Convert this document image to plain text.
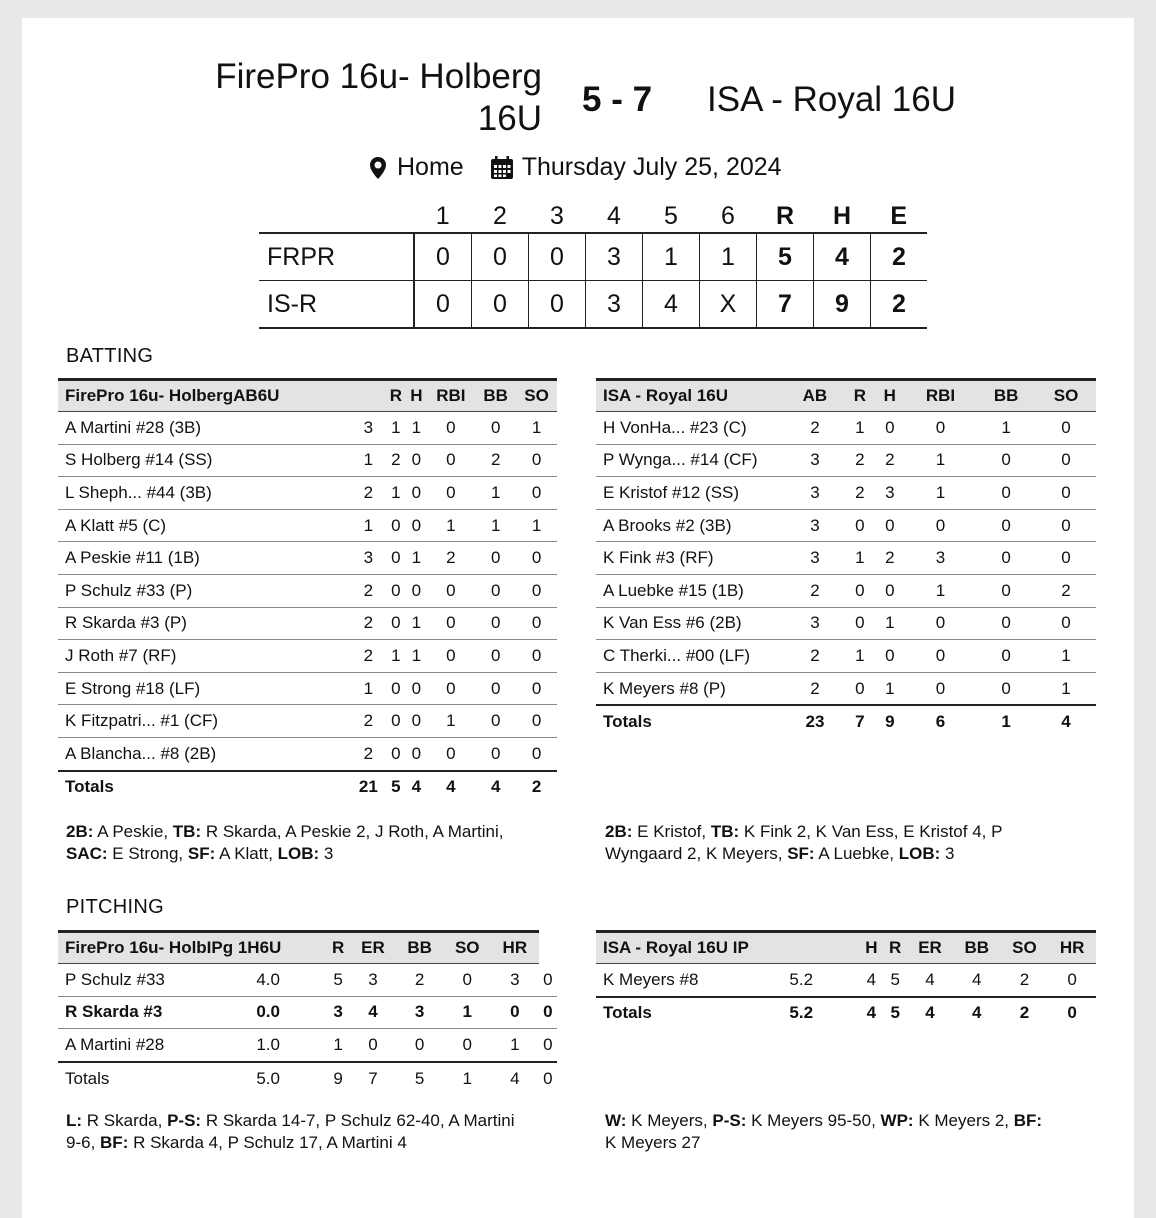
FirePro 16u- Holberg 16U 5 - 7 ISA - Royal 16U
Home Thursday July 25, 2024
	1	2	3	4	5	6	R	H	E
FRPR	0	0	0	3	1	1	5	4	2
IS-R	0	0	0	3	4	X	7	9	2
BATTING
FirePro 16u- HolbergAB6U		R	H	RBI	BB	SO
A Martini #28 (3B)	3	1	1	0	0	1
S Holberg #14 (SS)	1	2	0	0	2	0
L Sheph... #44 (3B)	2	1	0	0	1	0
A Klatt #5 (C)	1	0	0	1	1	1
A Peskie #11 (1B)	3	0	1	2	0	0
P Schulz #33 (P)	2	0	0	0	0	0
R Skarda #3 (P)	2	0	1	0	0	0
J Roth #7 (RF)	2	1	1	0	0	0
E Strong #18 (LF)	1	0	0	0	0	0
K Fitzpatri... #1 (CF)	2	0	0	1	0	0
A Blancha... #8 (2B)	2	0	0	0	0	0
Totals	21	5	4	4	4	2
ISA - Royal 16U	AB	R	H	RBI	BB	SO
H VonHa... #23 (C)	2	1	0	0	1	0
P Wynga... #14 (CF)	3	2	2	1	0	0
E Kristof #12 (SS)	3	2	3	1	0	0
A Brooks #2 (3B)	3	0	0	0	0	0
K Fink #3 (RF)	3	1	2	3	0	0
A Luebke #15 (1B)	2	0	0	1	0	2
K Van Ess #6 (2B)	3	0	1	0	0	0
C Therki... #00 (LF)	2	1	0	0	0	1
K Meyers #8 (P)	2	0	1	0	0	1
Totals	23	7	9	6	1	4
2B: A Peskie, TB: R Skarda, A Peskie 2, J Roth, A Martini, SAC: E Strong, SF: A Klatt, LOB: 3
2B: E Kristof, TB: K Fink 2, K Van Ess, E Kristof 4, P Wyngaard 2, K Meyers, SF: A Luebke, LOB: 3
PITCHING
FirePro 16u- HolbIPg 1H6U		R	ER	BB	SO	HR	
P Schulz #33	4.0	5	3	2	0	3	0
R Skarda #3	0.0	3	4	3	1	0	0
A Martini #28	1.0	1	0	0	0	1	0
Totals	5.0	9	7	5	1	4	0
ISA - Royal 16U IP		H	R	ER	BB	SO	HR
K Meyers #8	5.2	4	5	4	4	2	0
Totals	5.2	4	5	4	4	2	0
L: R Skarda, P-S: R Skarda 14-7, P Schulz 62-40, A Martini 9-6, BF: R Skarda 4, P Schulz 17, A Martini 4
W: K Meyers, P-S: K Meyers 95-50, WP: K Meyers 2, BF: K Meyers 27
